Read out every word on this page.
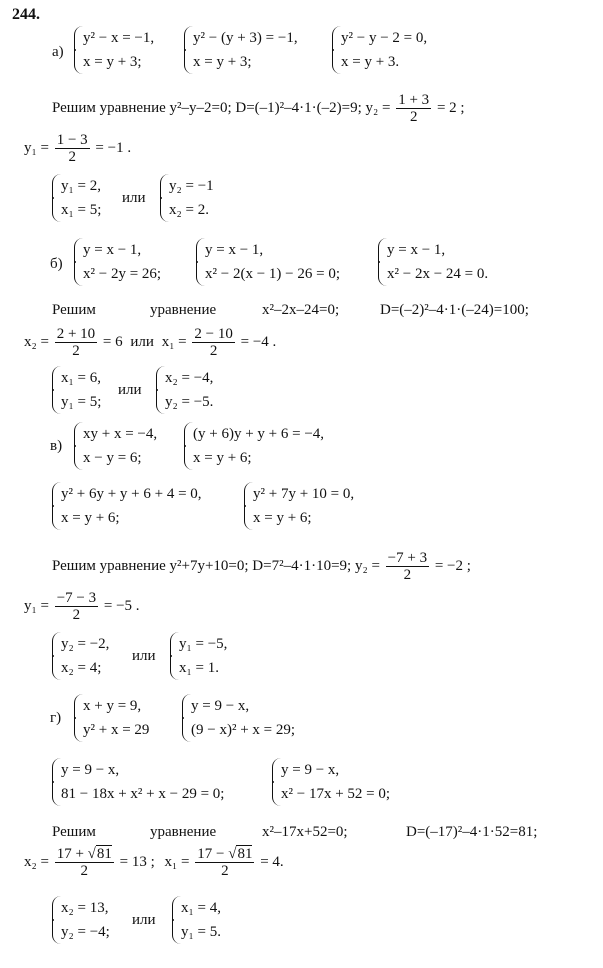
244.
а)
y² − x = −1,
x = y + 3;
y² − (y + 3) = −1,
x = y + 3;
y² − y − 2 = 0,
x = y + 3.
Решим уравнение y²–y–2=0; D=(–1)²–4·1·(–2)=9; $y_2 = \frac{1 + 3}{2} = 2$ ;
$y_1 = \frac{1 - 3}{2} = -1$ .
y₁ = 2,
x₁ = 5;
или
y₂ = −1
x₂ = 2.
б)
y = x − 1,
x² − 2y = 26;
y = x − 1,
x² − 2(x − 1) − 26 = 0;
y = x − 1,
x² − 2x − 24 = 0.
Решим	уравнение	x²–2x–24=0;	D=(–2)²–4·1·(–24)=100;
$x_2 = \frac{2 + 10}{2} = 6$ или $x_1 = \frac{2 - 10}{2} = -4$ .
x₁ = 6,
y₁ = 5;
или
x₂ = −4,
y₂ = −5.
в)
xy + x = −4,
x − y = 6;
(y + 6)y + y + 6 = −4,
x = y + 6;
y² + 6y + y + 6 + 4 = 0,
x = y + 6;
y² + 7y + 10 = 0,
x = y + 6;
Решим уравнение y²+7y+10=0; D=7²–4·1·10=9; $y_2 = \frac{-7 + 3}{2} = -2$ ;
$y_1 = \frac{-7 - 3}{2} = -5$ .
y₂ = −2,
x₂ = 4;
или
y₁ = −5,
x₁ = 1.
г)
x + y = 9,
y² + x = 29
y = 9 − x,
(9 − x)² + x = 29;
y = 9 − x,
81 − 18x + x² + x − 29 = 0;
y = 9 − x,
x² − 17x + 52 = 0;
Решим	уравнение	x²–17x+52=0;	D=(–17)²–4·1·52=81;
$x_2 = \frac{17 + √81}{2} = 13$ ; $x_1 = \frac{17 - √81}{2} = 4$.
x₂ = 13,
y₂ = −4;
или
x₁ = 4,
y₁ = 5.
